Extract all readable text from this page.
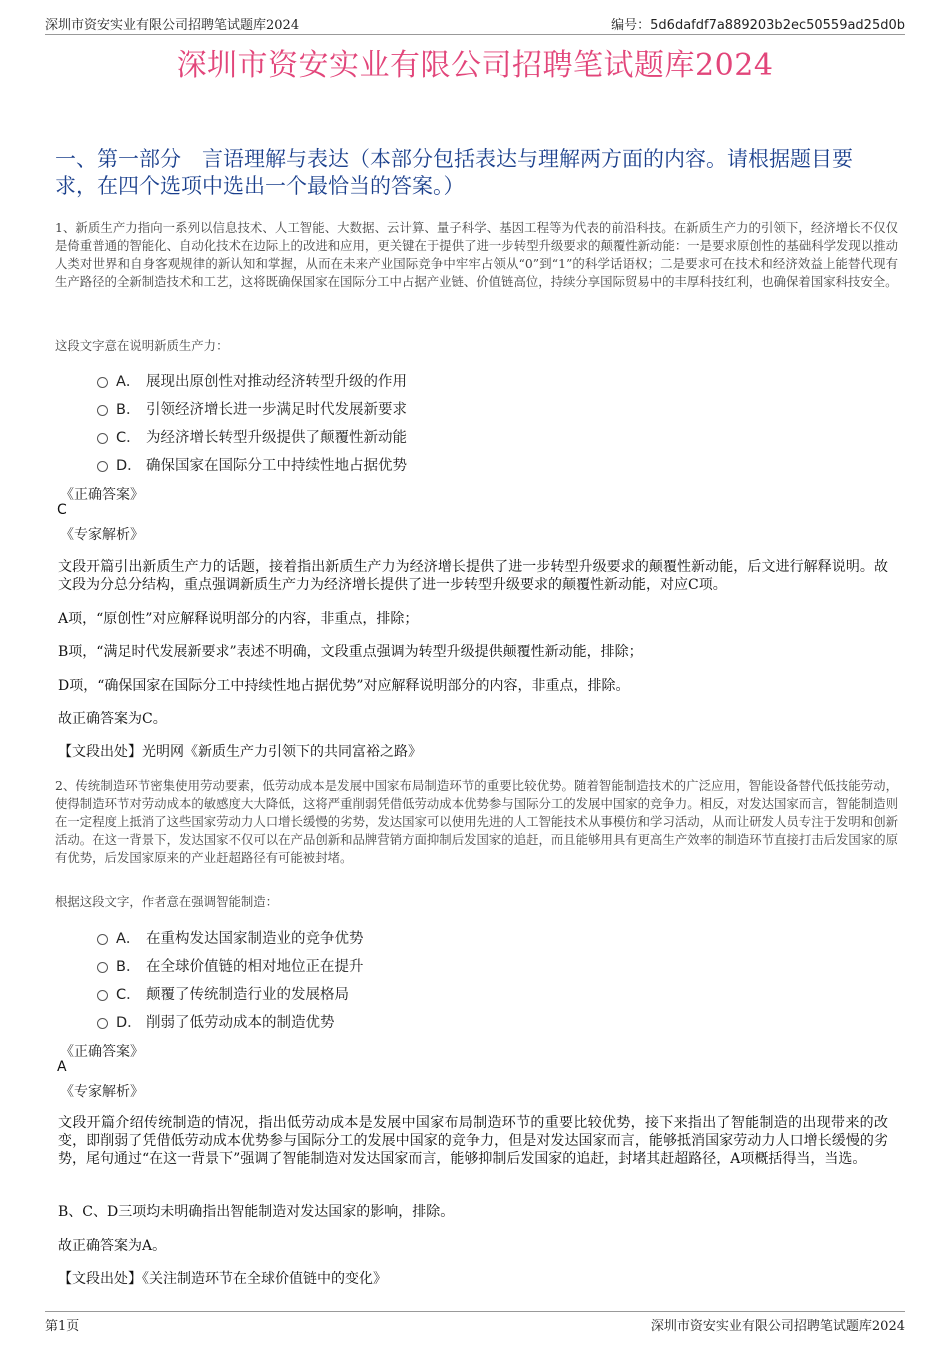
深圳市资安实业有限公司招聘笔试题库2024	编号：5d6dafdf7a889203b2ec50559ad25d0b
深圳市资安实业有限公司招聘笔试题库2024
一、第一部分　言语理解与表达（本部分包括表达与理解两方面的内容。请根据题目要求，在四个选项中选出一个最恰当的答案。）
1、新质生产力指向一系列以信息技术、人工智能、大数据、云计算、量子科学、基因工程等为代表的前沿科技。在新质生产力的引领下，经济增长不仅仅是倚重普通的智能化、自动化技术在边际上的改进和应用，更关键在于提供了进一步转型升级要求的颠覆性新动能：一是要求原创性的基础科学发现以推动人类对世界和自身客观规律的新认知和掌握，从而在未来产业国际竞争中牢牢占领从“0”到“1”的科学话语权；二是要求可在技术和经济效益上能替代现有生产路径的全新制造技术和工艺，这将既确保国家在国际分工中占据产业链、价值链高位，持续分享国际贸易中的丰厚科技红利，也确保着国家科技安全。
这段文字意在说明新质生产力：
A． 展现出原创性对推动经济转型升级的作用
B． 引领经济增长进一步满足时代发展新要求
C． 为经济增长转型升级提供了颠覆性新动能
D． 确保国家在国际分工中持续性地占据优势
《正确答案》
C
《专家解析》
文段开篇引出新质生产力的话题，接着指出新质生产力为经济增长提供了进一步转型升级要求的颠覆性新动能，后文进行解释说明。故文段为分总分结构，重点强调新质生产力为经济增长提供了进一步转型升级要求的颠覆性新动能，对应C项。
A项，“原创性”对应解释说明部分的内容，非重点，排除；
B项，“满足时代发展新要求”表述不明确，文段重点强调为转型升级提供颠覆性新动能，排除；
D项，“确保国家在国际分工中持续性地占据优势”对应解释说明部分的内容，非重点，排除。
故正确答案为C。
【文段出处】光明网《新质生产力引领下的共同富裕之路》
2、传统制造环节密集使用劳动要素，低劳动成本是发展中国家布局制造环节的重要比较优势。随着智能制造技术的广泛应用，智能设备替代低技能劳动，使得制造环节对劳动成本的敏感度大大降低，这将严重削弱凭借低劳动成本优势参与国际分工的发展中国家的竞争力。相反，对发达国家而言，智能制造则在一定程度上抵消了这些国家劳动力人口增长缓慢的劣势，发达国家可以使用先进的人工智能技术从事模仿和学习活动，从而让研发人员专注于发明和创新活动。在这一背景下，发达国家不仅可以在产品创新和品牌营销方面抑制后发国家的追赶，而且能够用具有更高生产效率的制造环节直接打击后发国家的原有优势，后发国家原来的产业赶超路径有可能被封堵。
根据这段文字，作者意在强调智能制造：
A． 在重构发达国家制造业的竞争优势
B． 在全球价值链的相对地位正在提升
C． 颠覆了传统制造行业的发展格局
D． 削弱了低劳动成本的制造优势
《正确答案》
A
《专家解析》
文段开篇介绍传统制造的情况，指出低劳动成本是发展中国家布局制造环节的重要比较优势，接下来指出了智能制造的出现带来的改变，即削弱了凭借低劳动成本优势参与国际分工的发展中国家的竞争力，但是对发达国家而言，能够抵消国家劳动力人口增长缓慢的劣势，尾句通过“在这一背景下”强调了智能制造对发达国家而言，能够抑制后发国家的追赶，封堵其赶超路径，A项概括得当，当选。
B、C、D三项均未明确指出智能制造对发达国家的影响，排除。
故正确答案为A。
【文段出处】《关注制造环节在全球价值链中的变化》
第1页	深圳市资安实业有限公司招聘笔试题库2024
